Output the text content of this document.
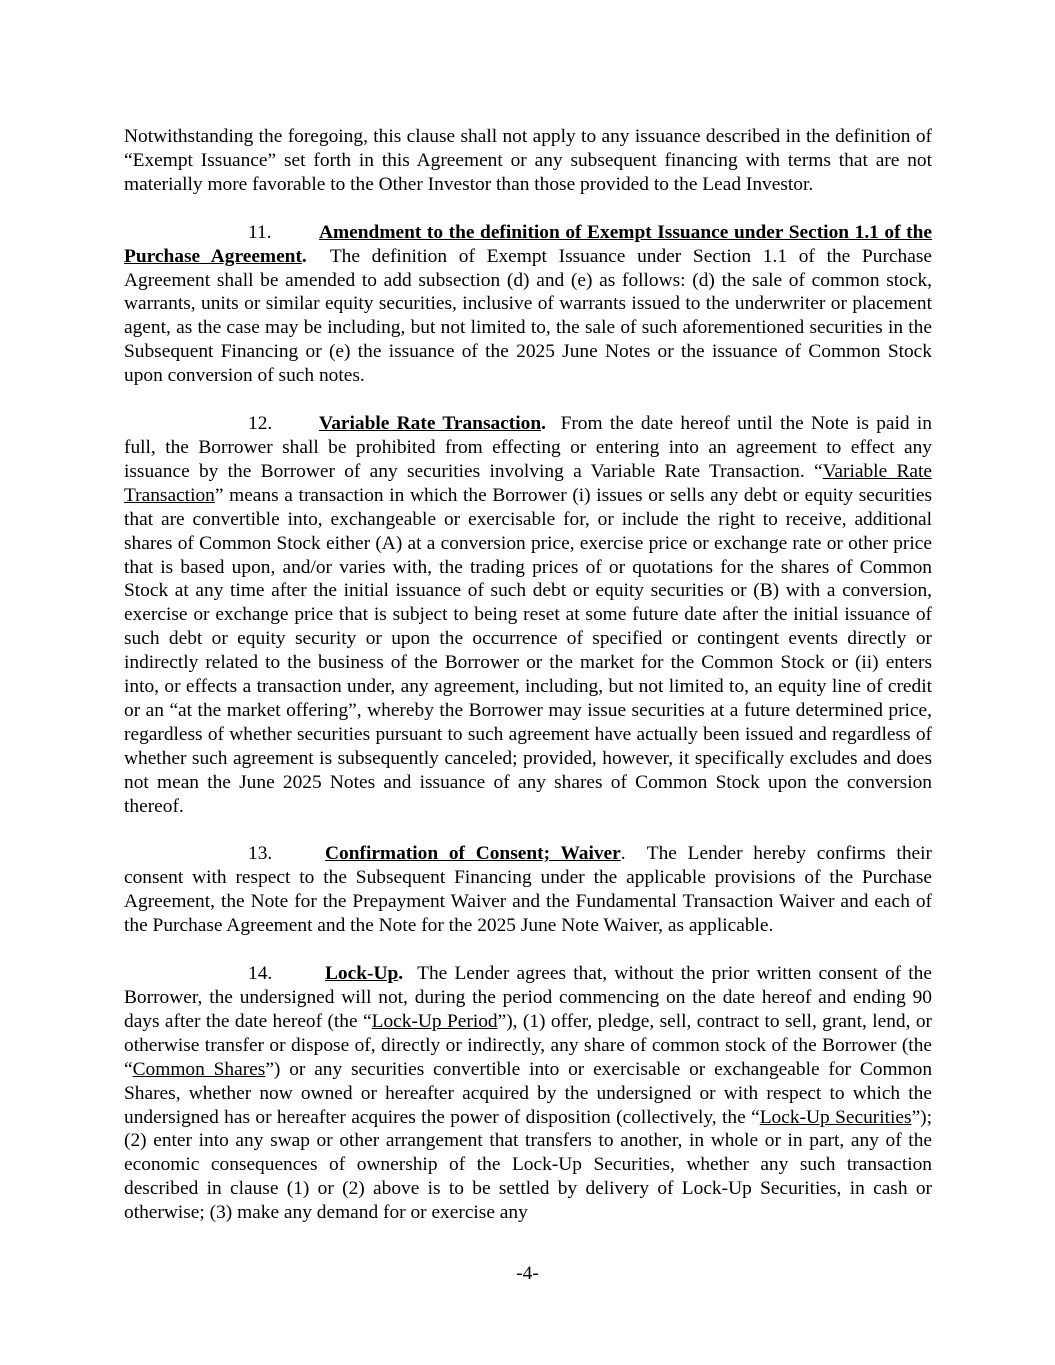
Notwithstanding the foregoing, this clause shall not apply to any issuance described in the definition of “Exempt Issuance” set forth in this Agreement or any subsequent financing with terms that are not materially more favorable to the Other Investor than those provided to the Lead Investor.

11. Amendment to the definition of Exempt Issuance under Section 1.1 of the Purchase Agreement. The definition of Exempt Issuance under Section 1.1 of the Purchase Agreement shall be amended to add subsection (d) and (e) as follows: (d) the sale of common stock, warrants, units or similar equity securities, inclusive of warrants issued to the underwriter or placement agent, as the case may be including, but not limited to, the sale of such aforementioned securities in the Subsequent Financing or (e) the issuance of the 2025 June Notes or the issuance of Common Stock upon conversion of such notes.

12. Variable Rate Transaction. From the date hereof until the Note is paid in full, the Borrower shall be prohibited from effecting or entering into an agreement to effect any issuance by the Borrower of any securities involving a Variable Rate Transaction. “Variable Rate Transaction” means a transaction in which the Borrower (i) issues or sells any debt or equity securities that are convertible into, exchangeable or exercisable for, or include the right to receive, additional shares of Common Stock either (A) at a conversion price, exercise price or exchange rate or other price that is based upon, and/or varies with, the trading prices of or quotations for the shares of Common Stock at any time after the initial issuance of such debt or equity securities or (B) with a conversion, exercise or exchange price that is subject to being reset at some future date after the initial issuance of such debt or equity security or upon the occurrence of specified or contingent events directly or indirectly related to the business of the Borrower or the market for the Common Stock or (ii) enters into, or effects a transaction under, any agreement, including, but not limited to, an equity line of credit or an “at the market offering”, whereby the Borrower may issue securities at a future determined price, regardless of whether securities pursuant to such agreement have actually been issued and regardless of whether such agreement is subsequently canceled; provided, however, it specifically excludes and does not mean the June 2025 Notes and issuance of any shares of Common Stock upon the conversion thereof.

13.	Confirmation of Consent; Waiver. The Lender hereby confirms their consent with respect to the Subsequent Financing under the applicable provisions of the Purchase Agreement, the Note for the Prepayment Waiver and the Fundamental Transaction Waiver and each of the Purchase Agreement and the Note for the 2025 June Note Waiver, as applicable.

14.	Lock-Up. The Lender agrees that, without the prior written consent of the Borrower, the undersigned will not, during the period commencing on the date hereof and ending 90 days after the date hereof (the “Lock-Up Period”), (1) offer, pledge, sell, contract to sell, grant, lend, or otherwise transfer or dispose of, directly or indirectly, any share of common stock of the Borrower (the “Common Shares”) or any securities convertible into or exercisable or exchangeable for Common Shares, whether now owned or hereafter acquired by the undersigned or with respect to which the undersigned has or hereafter acquires the power of disposition (collectively, the “Lock-Up Securities”); (2) enter into any swap or other arrangement that transfers to another, in whole or in part, any of the economic consequences of ownership of the Lock-Up Securities, whether any such transaction described in clause (1) or (2) above is to be settled by delivery of Lock-Up Securities, in cash or otherwise; (3) make any demand for or exercise any

-4-
